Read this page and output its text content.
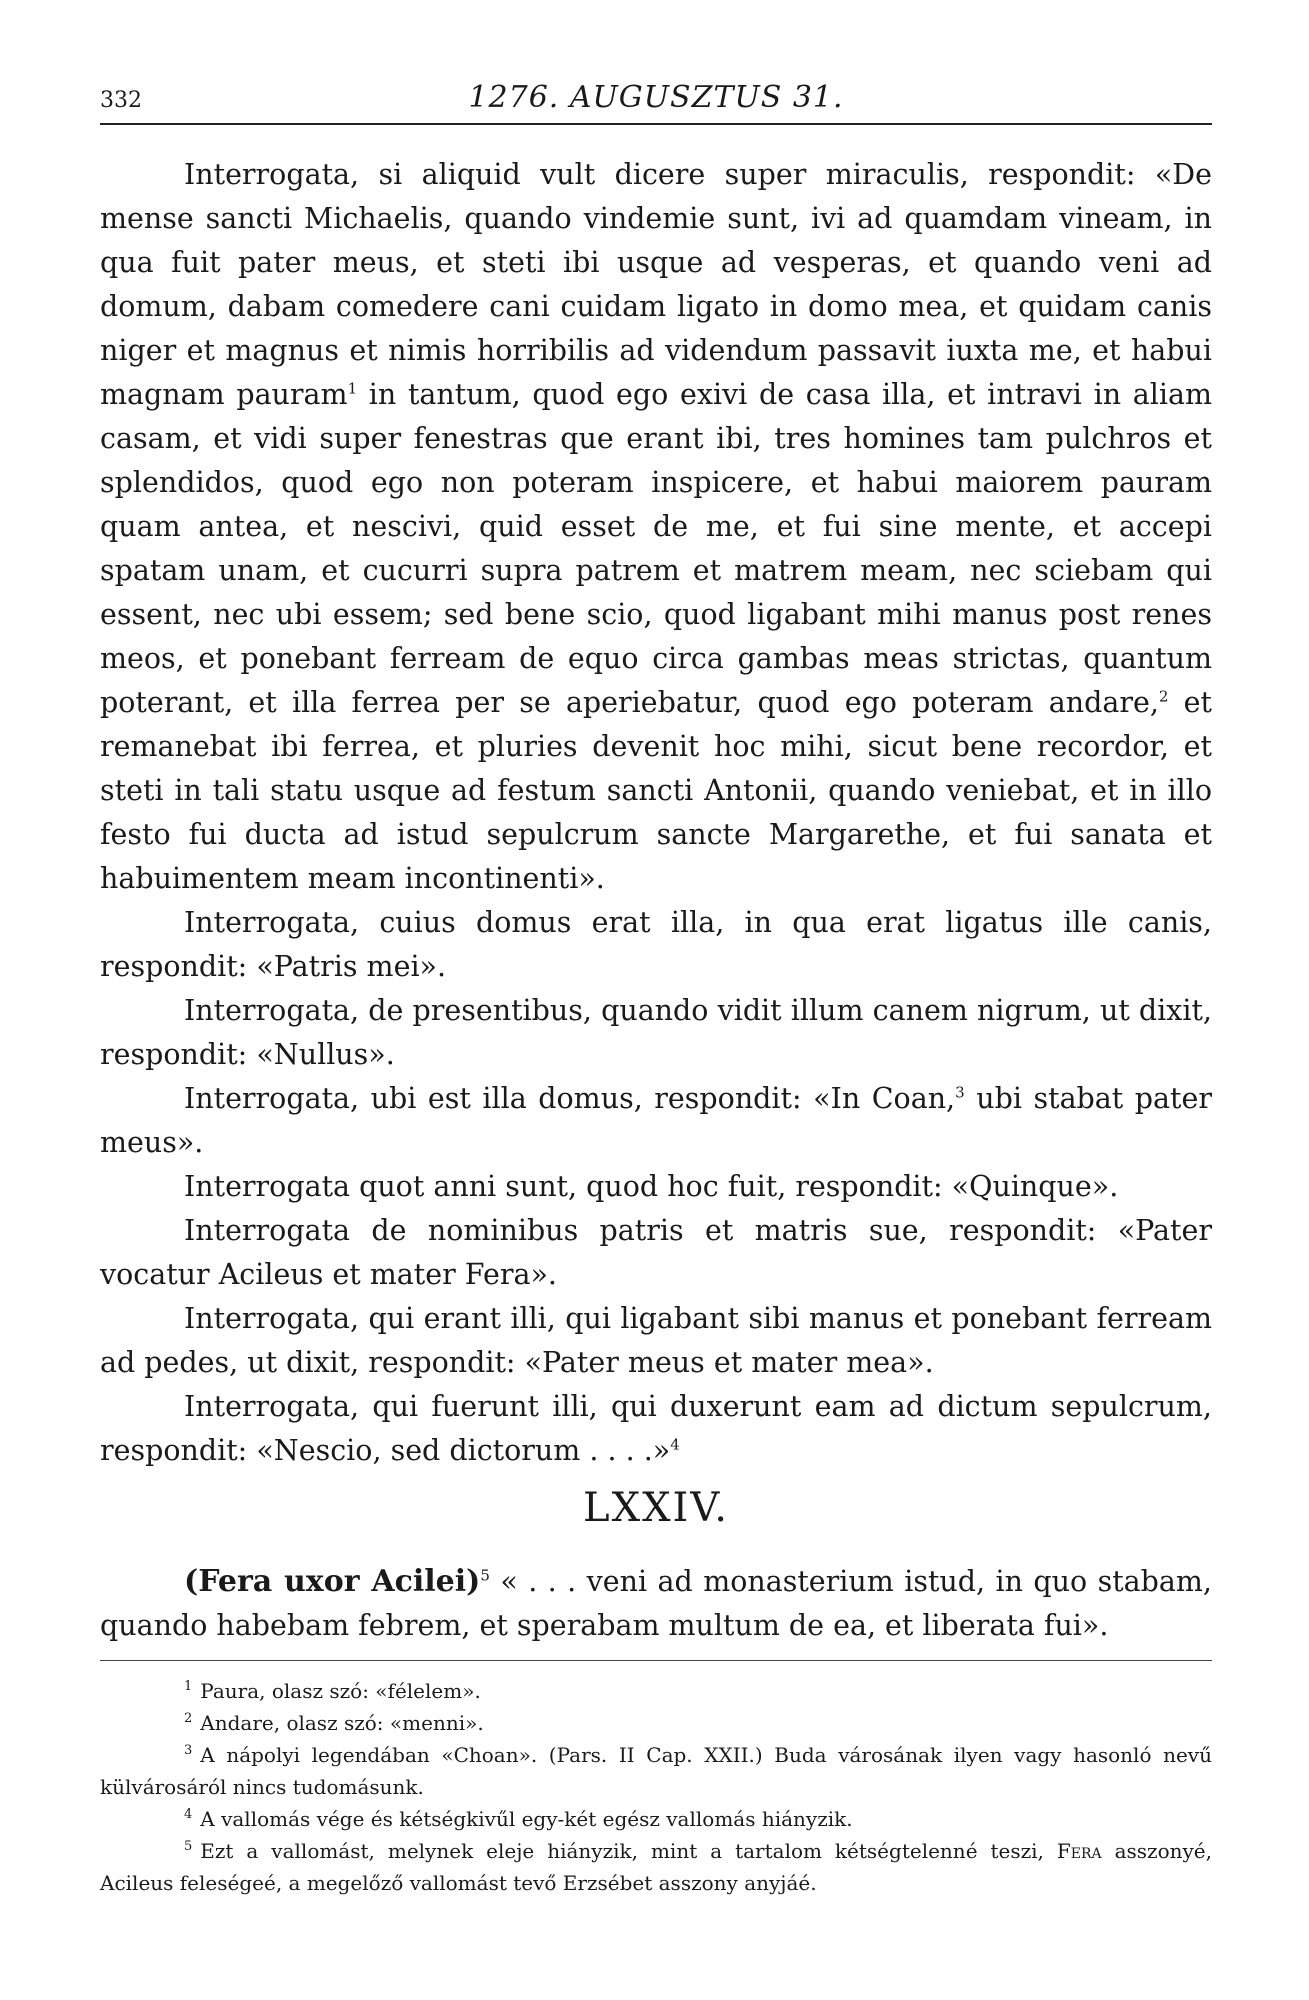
332	1276. AUGUSZTUS 31.

Interrogata, si aliquid vult dicere super miraculis, respondit: «De mense sancti Michaelis, quando vindemie sunt, ivi ad quamdam vineam, in qua fuit pater meus, et steti ibi usque ad vesperas, et quando veni ad domum, dabam comedere cani cuidam ligato in domo mea, et quidam canis niger et magnus et nimis horribilis ad videndum passavit iuxta me, et habui magnam pauram$^1$ in tantum, quod ego exivi de casa illa, et intravi in aliam casam, et vidi super fenestras que erant ibi, tres homines tam pulchros et splendidos, quod ego non poteram inspicere, et habui maiorem pauram quam antea, et nescivi, quid esset de me, et fui sine mente, et accepi spatam unam, et cucurri supra patrem et matrem meam, nec sciebam qui essent, nec ubi essem; sed bene scio, quod ligabant mihi manus post renes meos, et ponebant ferream de equo circa gambas meas strictas, quantum poterant, et illa ferrea per se aperiebatur, quod ego poteram andare,$^2$ et remanebat ibi ferrea, et pluries devenit hoc mihi, sicut bene recordor, et steti in tali statu usque ad festum sancti Antonii, quando veniebat, et in illo festo fui ducta ad istud sepulcrum sancte Margarethe, et fui sanata et habuimentem meam incontinenti».

Interrogata, cuius domus erat illa, in qua erat ligatus ille canis, respondit: «Patris mei».

Interrogata, de presentibus, quando vidit illum canem nigrum, ut dixit, respondit: «Nullus».

Interrogata, ubi est illa domus, respondit: «In Coan,$^3$ ubi stabat pater meus».

Interrogata quot anni sunt, quod hoc fuit, respondit: «Quinque».

Interrogata de nominibus patris et matris sue, respondit: «Pater vocatur Acileus et mater Fera».

Interrogata, qui erant illi, qui ligabant sibi manus et ponebant ferream ad pedes, ut dixit, respondit: «Pater meus et mater mea».

Interrogata, qui fuerunt illi, qui duxerunt eam ad dictum sepulcrum, respondit: «Nescio, sed dictorum . . . .»$^4$

LXXIV.

(Fera uxor Acilei)$^5$ « . . . veni ad monasterium istud, in quo stabam, quando habebam febrem, et sperabam multum de ea, et liberata fui».

$^1$ Paura, olasz szó: «félelem».

$^2$ Andare, olasz szó: «menni».

$^3$ A nápolyi legendában «Choan». (Pars. II Cap. XXII.) Buda városának ilyen vagy hasonló nevű külvárosáról nincs tudomásunk.

$^4$ A vallomás vége és kétségkivűl egy-két egész vallomás hiányzik.

$^5$ Ezt a vallomást, melynek eleje hiányzik, mint a tartalom kétségtelenné teszi, Fera asszonyé, Acileus feleségeé, a megelőző vallomást tevő Erzsébet asszony anyjáé.
